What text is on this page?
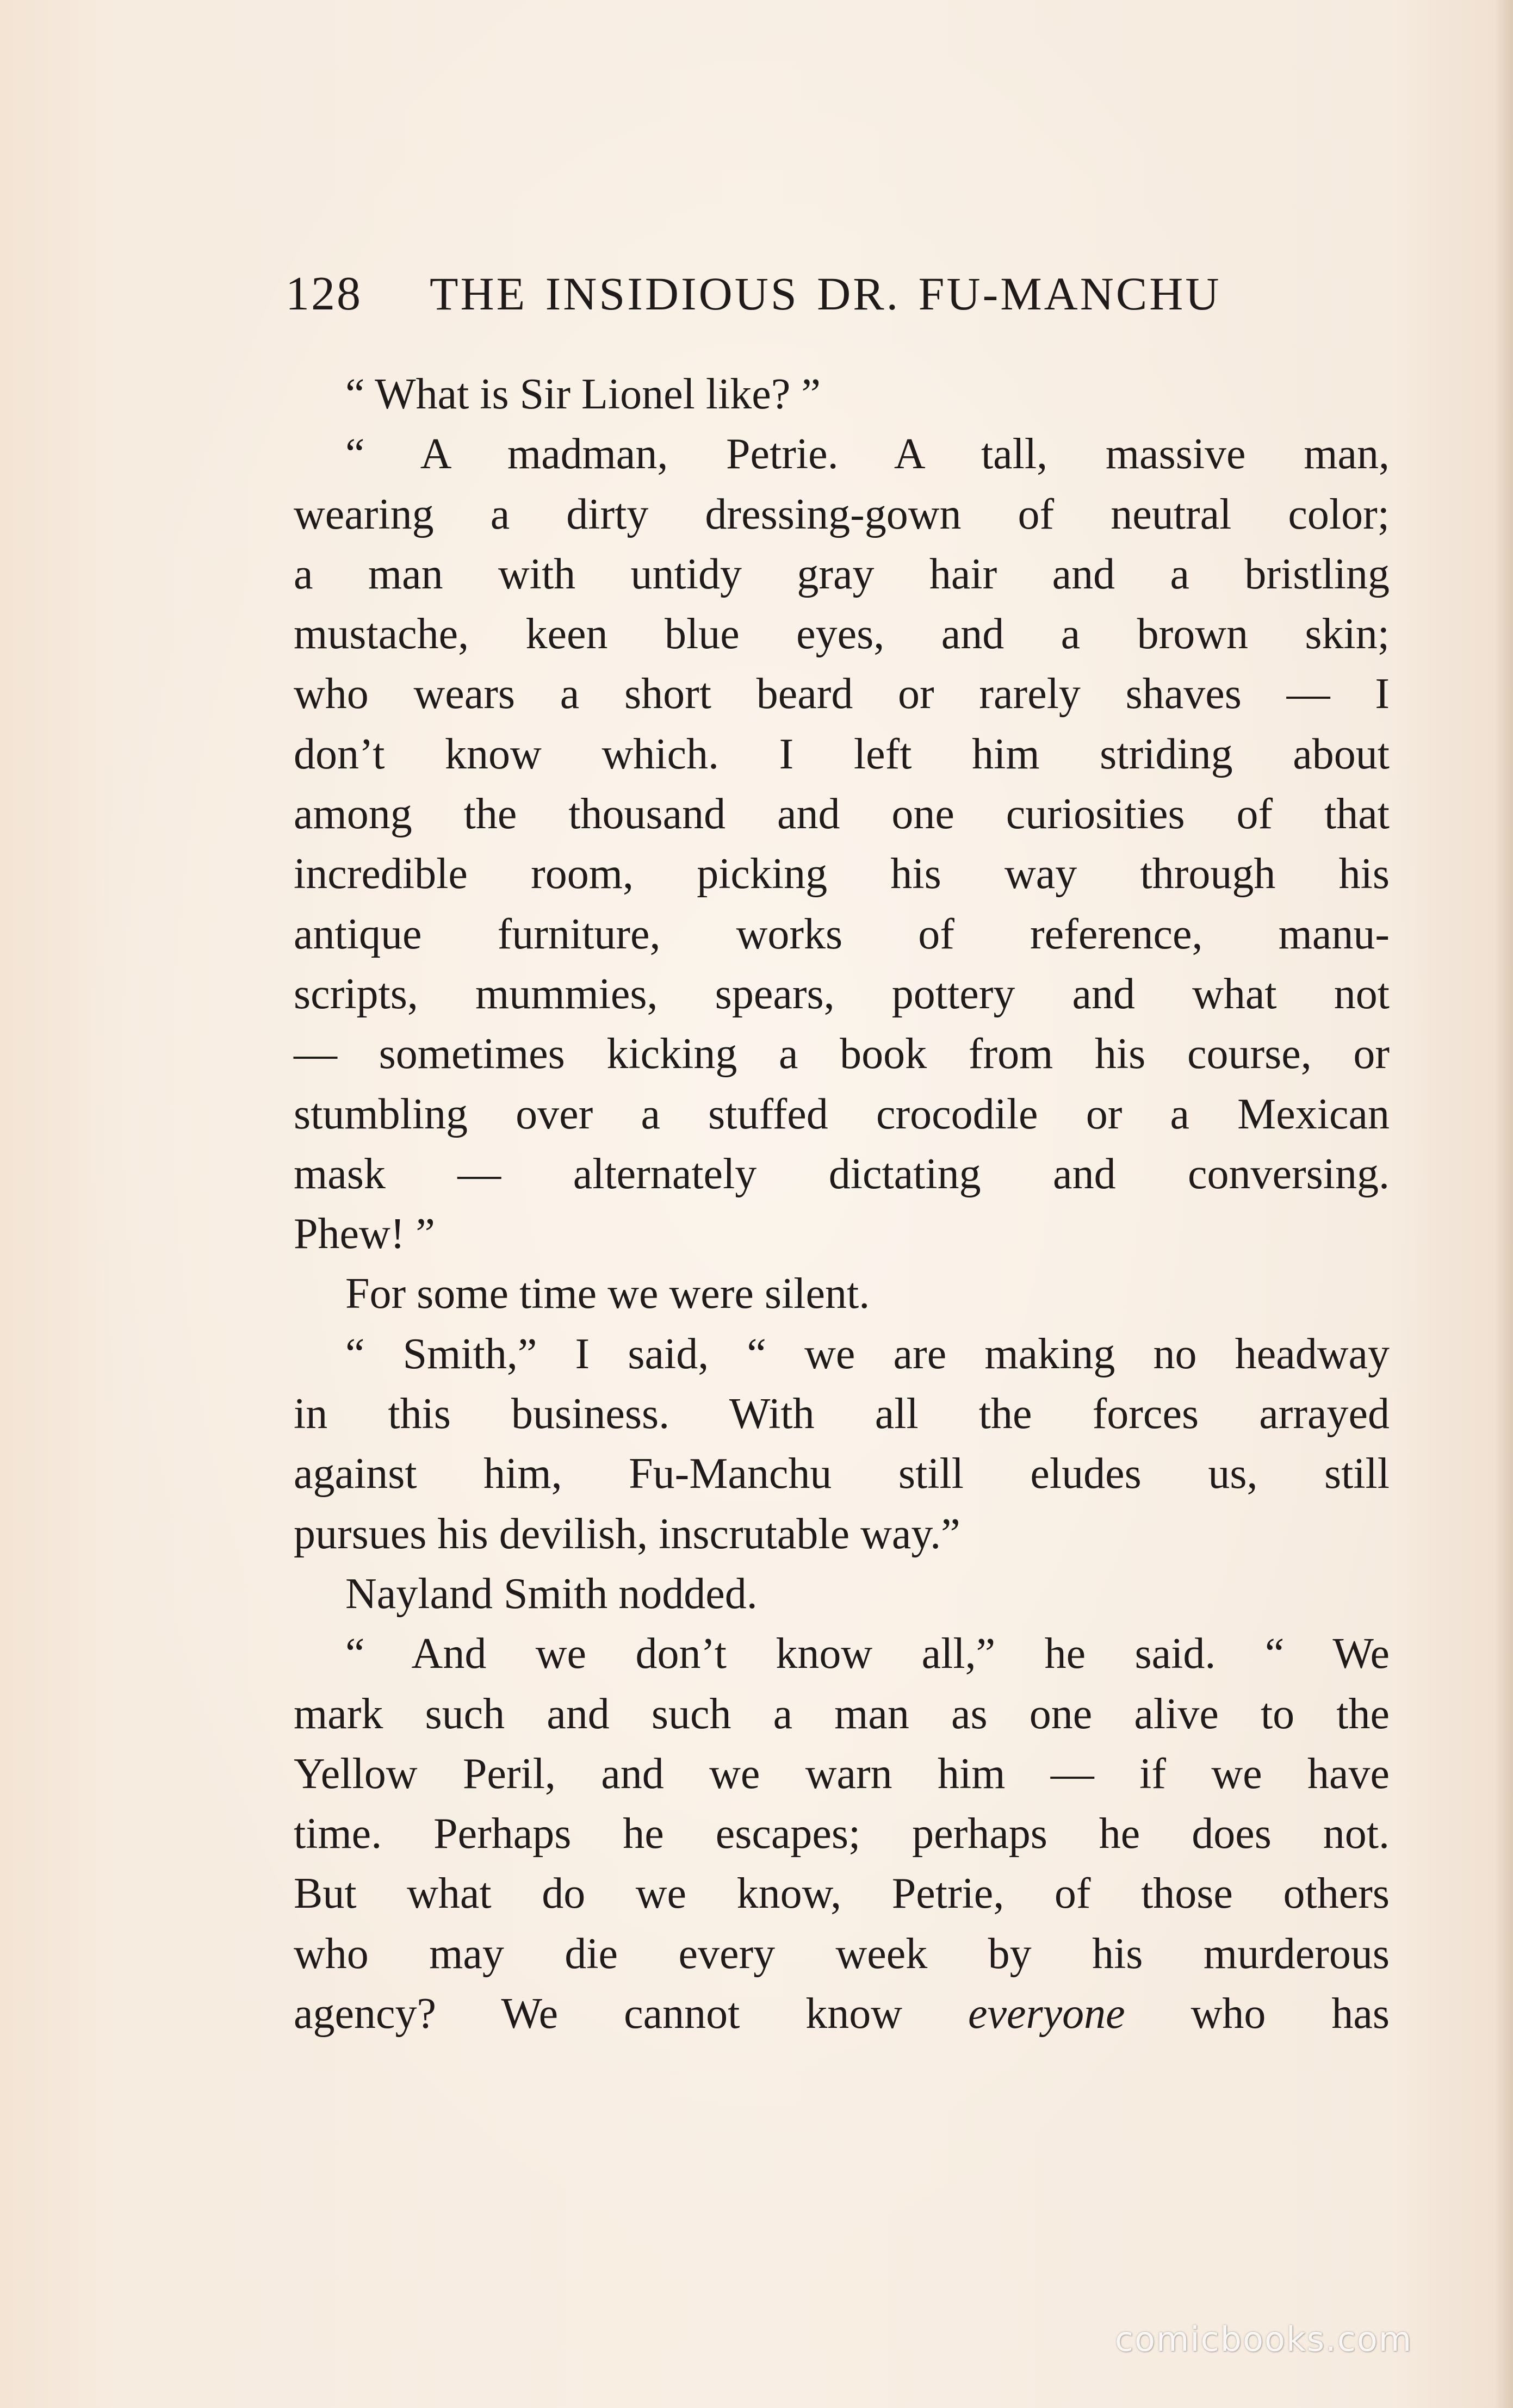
128 THE INSIDIOUS DR. FU-MANCHU
“ What is Sir Lionel like? ”
“ A madman, Petrie. A tall, massive man,
wearing a dirty dressing-gown of neutral color;
a man with untidy gray hair and a bristling
mustache, keen blue eyes, and a brown skin;
who wears a short beard or rarely shaves — I
don’t know which. I left him striding about
among the thousand and one curiosities of that
incredible room, picking his way through his
antique furniture, works of reference, manu-
scripts, mummies, spears, pottery and what not
— sometimes kicking a book from his course, or
stumbling over a stuffed crocodile or a Mexican
mask — alternately dictating and conversing.
Phew! ”
For some time we were silent.
“ Smith,” I said, “ we are making no headway
in this business. With all the forces arrayed
against him, Fu-Manchu still eludes us, still
pursues his devilish, inscrutable way.”
Nayland Smith nodded.
“ And we don’t know all,” he said. “ We
mark such and such a man as one alive to the
Yellow Peril, and we warn him — if we have
time. Perhaps he escapes; perhaps he does not.
But what do we know, Petrie, of those others
who may die every week by his murderous
agency? We cannot know everyone who has
comicbooks.com
